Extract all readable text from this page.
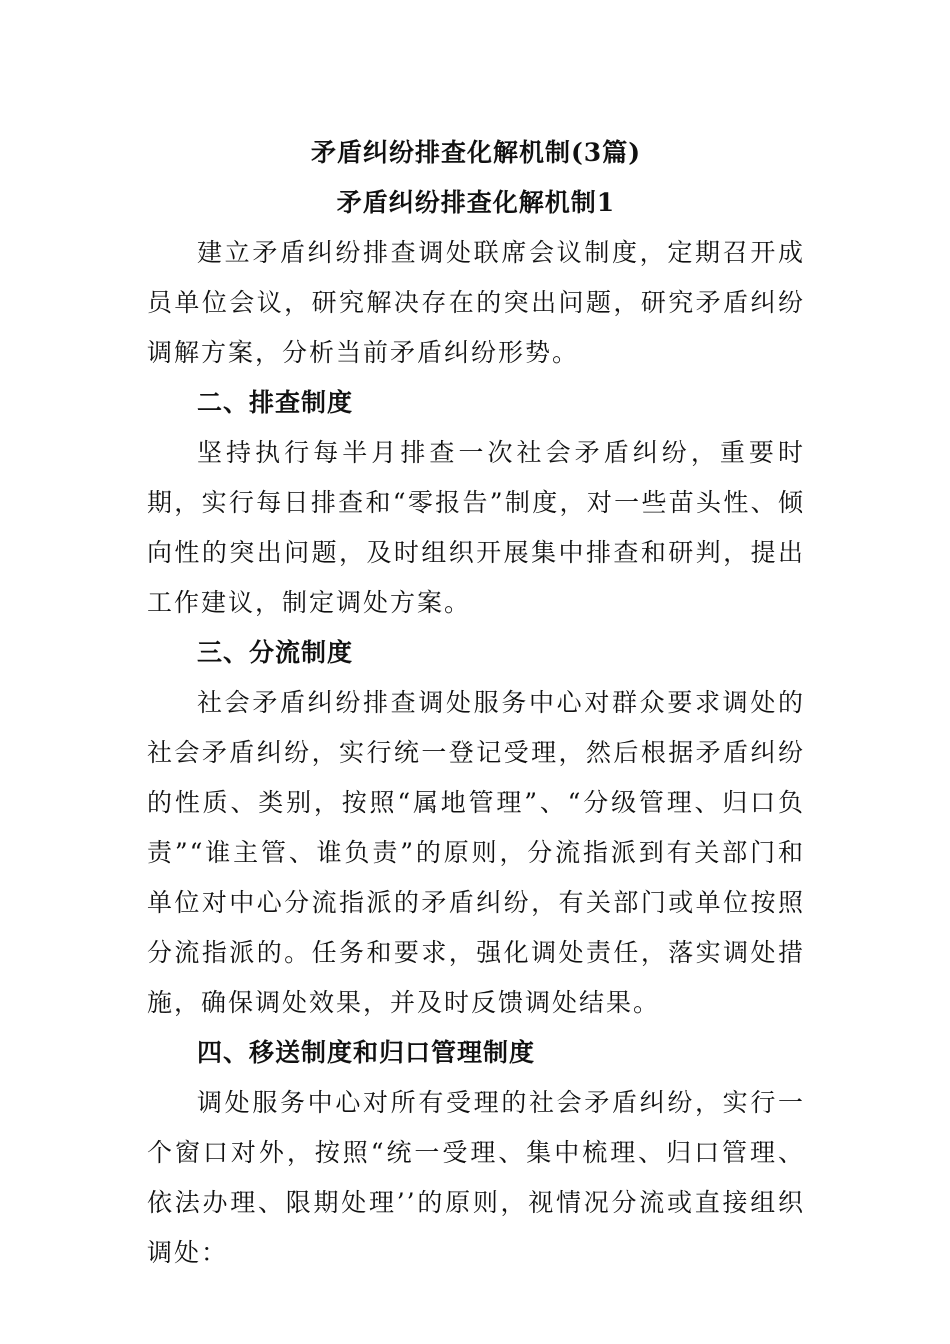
矛盾纠纷排查化解机制(3篇)
矛盾纠纷排查化解机制1

建立矛盾纠纷排查调处联席会议制度，定期召开成员单位会议，研究解决存在的突出问题，研究矛盾纠纷调解方案，分析当前矛盾纠纷形势。

二、排查制度

坚持执行每半月排查一次社会矛盾纠纷，重要时期，实行每日排查和“零报告”制度，对一些苗头性、倾向性的突出问题，及时组织开展集中排查和研判，提出工作建议，制定调处方案。

三、分流制度

社会矛盾纠纷排查调处服务中心对群众要求调处的社会矛盾纠纷，实行统一登记受理，然后根据矛盾纠纷的性质、类别，按照“属地管理”、“分级管理、归口负责”“谁主管、谁负责”的原则，分流指派到有关部门和单位对中心分流指派的矛盾纠纷，有关部门或单位按照分流指派的。任务和要求，强化调处责任，落实调处措施，确保调处效果，并及时反馈调处结果。

四、移送制度和归口管理制度

调处服务中心对所有受理的社会矛盾纠纷，实行一个窗口对外，按照“统一受理、集中梳理、归口管理、依法办理、限期处理’’的原则，视情况分流或直接组织调处：
